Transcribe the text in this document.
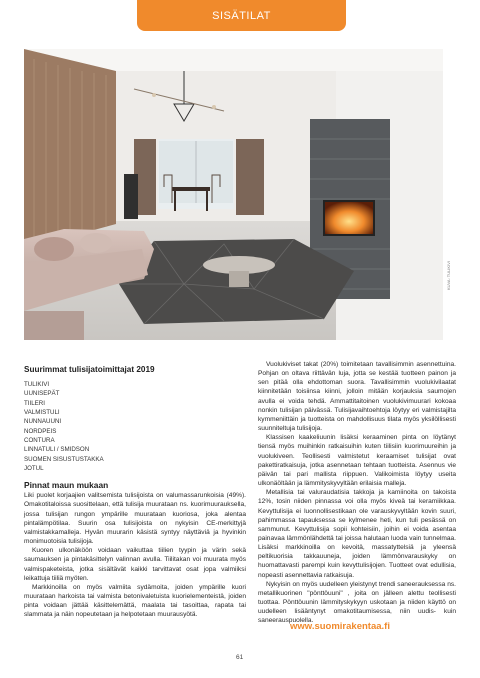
SISÄTILAT
KUVA: TULIKIVI
Suurimmat tulisijatoimittajat 2019
TULIKIVI
UUNISEPÄT
TIILERI
VALMISTULI
NUNNAUUNI
NORDPEIS
CONTURA
LINNATULI / SMIDSON
SUOMEN SISUSTUSTAKKA
JOTUL
Pinnat maun mukaan

Liki puolet korjaajien valitsemista tulisijoista on valumassarunkoisia (49%). Omakotitaloissa suosittelaan, että tulisija muurataan ns. kuorimuurauksella, jossa tulisijan rungon ympärille muurataan kuoriosa, joka alentaa pintalämpötilaa. Suurin osa tulisijoista on nykyisin CE-merkittyjä valmistakkamalleja. Hyvän muurarin käsistä syntyy näyttäviä ja hyvinkin monimuotoisia tulisijoja.

Kuoren ulkonäköön voidaan vaikuttaa tiilien tyypin ja värin sekä saumauksen ja pintakäsittelyn valinnan avulla. Tiilitakan voi muurata myös valmispaketeista, jotka sisältävät kaikki tarvittavat osat jopa valmiiksi leikattuja tiiliä myöten.

Markkinoilla on myös valmiita sydämoita, joiden ympärille kuori muurataan harkoista tai valmista betonivaletuista kuorielementeistä, joiden pinta voidaan jättää käsittelemättä, maalata tai tasoittaa, rapata tai slammata ja näin nopeutetaan ja helpotetaan muurausyötä.

Vuolukiviset takat (20%) toimitetaan tavallisimmin asennettuina. Pohjan on oltava riittävän luja, jotta se kestää tuotteen painon ja sen pitää olla ehdottoman suora. Tavallisimmin vuolukivilaatat kiinnitetään toisiinsa kiinni, jolloin mitään korjauksia saumojen avulla ei voida tehdä. Ammattitaitoinen vuolukivimuurari kokoaa nonkin tulisijan päivässä. Tulisijavaihtoehtoja löytyy eri valmistajilta kymmeniittäin ja tuotteista on mahdollisuus tilata myös yksilöllisesti suunniteltuja tulisijoja.

Klassisen kaakeliuunin lisäksi keraaminen pinta on löytänyt tiensä myös muihinkin ratkaisuihin kuten tiilisiin kuorimuureihin ja vuolukiveen. Teollisesti valmistetut keraamiset tulisijat ovat pakettiratkaisuja, jotka asennetaan tehtaan tuotteista. Asennus vie päivän tai pari mallista riippuen. Valikoimista löytyy useita ulkonäöltään ja lämmityskyvyltään erilaisia malleja.

Metallisia tai valuraudatisia takkoja ja kamiinoita on takoista 12%, tosin niiden pinnassa voi olla myös kiveä tai keramiikkaa. Kevyttulisija ei luonnollisestikaan ole varauskyvyltään kovin suuri, pahimmassa tapauksessa se kylmenee heti, kun tuli pesässä on sammunut. Kevyttulisija sopii kohteisiin, joihin ei voida asentaa painavaa lämmönlähdettä tai joissa halutaan luoda vain tunnelmaa. Lisäksi markkinoilla on kevoitä, massatyttelsiä ja yleensä peltikuorisia takkauuneja, joiden lämmönvarauskyky on huomattavasti parempi kuin kevyttulisijojen. Tuotteet ovat edullisia, nopeasti asennettavia ratkaisuja.

Nykyisin on myös uudelleen yleistynyt trendi saneerauksessa ns. metallikuorinen "pönttöuuni" , joita on jälleen alettu teollisesti tuottaa. Pönttöuunin lämmityskykyyn uskotaan ja niiden käyttö on uudelleen lisääntynyt omakotitaumisessa, niin uudis- kuin saneerauspuolella.

www.suomirakentaa.fi
61
